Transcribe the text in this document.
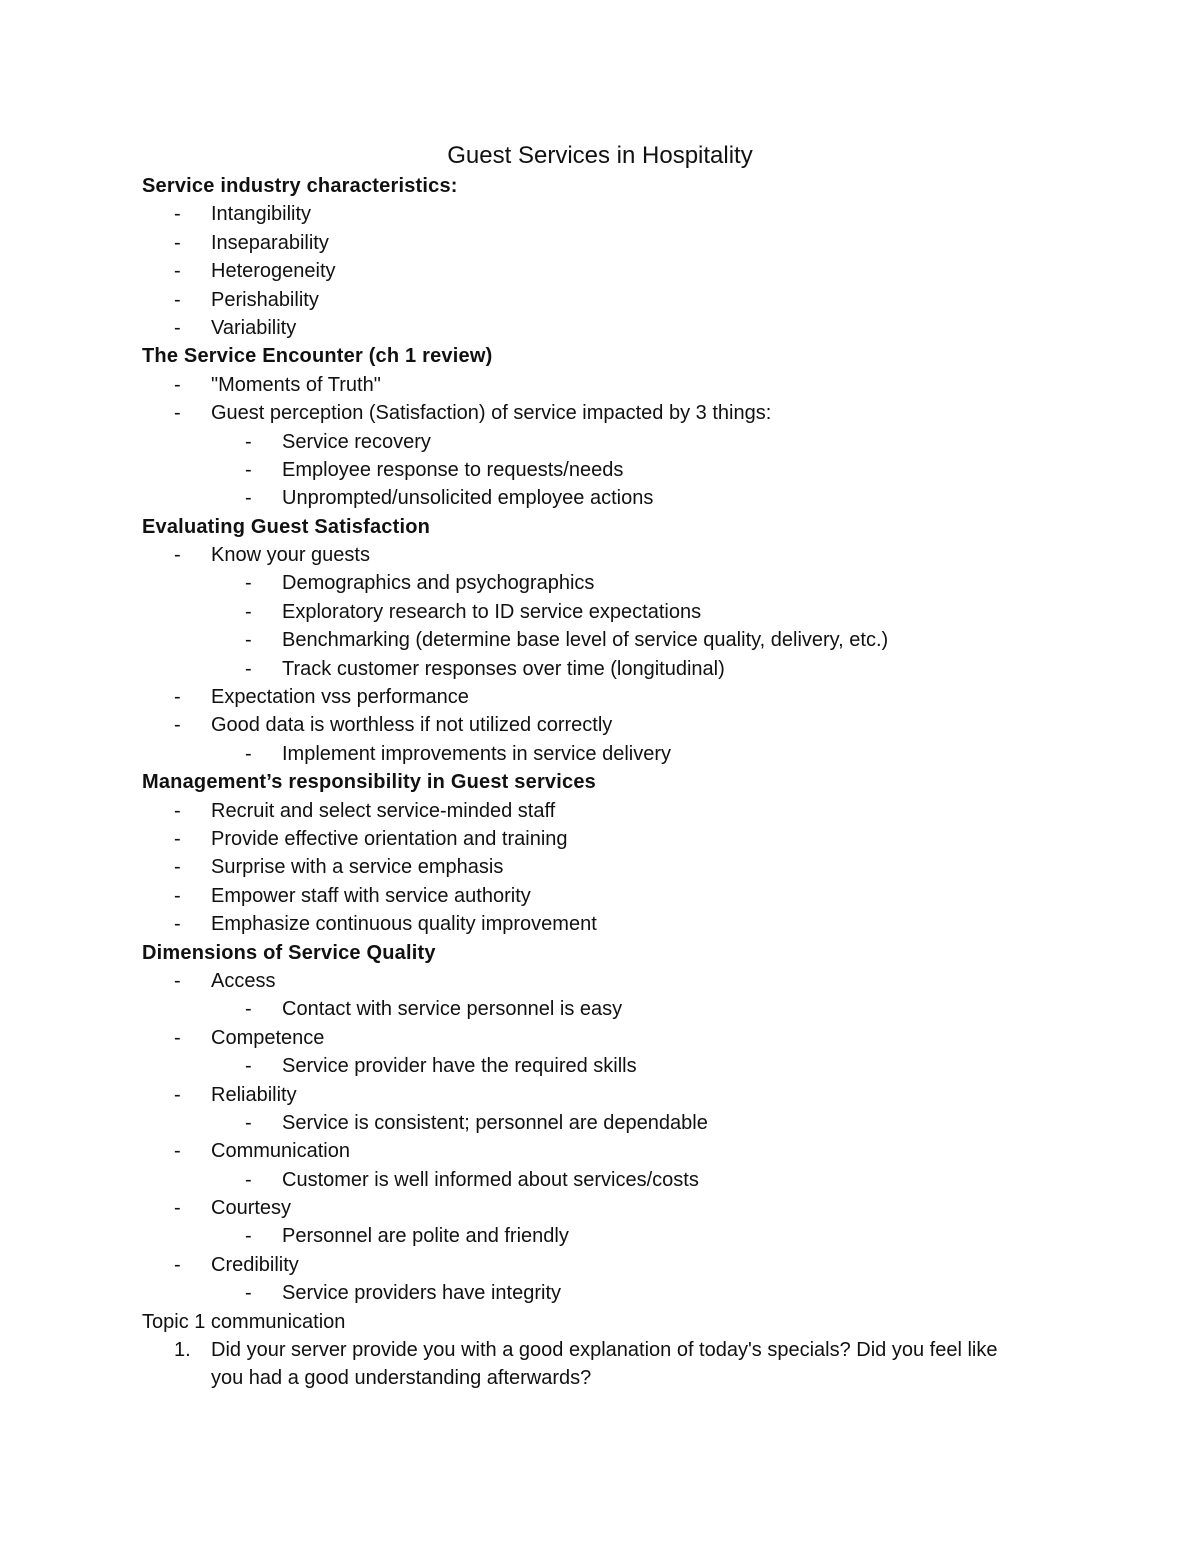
Guest Services in Hospitality
Service industry characteristics:
-	Intangibility
-	Inseparability
-	Heterogeneity
-	Perishability
-	Variability
The Service Encounter (ch 1 review)
-	"Moments of Truth"
-	Guest perception (Satisfaction) of service impacted by 3 things:
-	Service recovery
-	Employee response to requests/needs
-	Unprompted/unsolicited employee actions
Evaluating Guest Satisfaction
-	Know your guests
-	Demographics and psychographics
-	Exploratory research to ID service expectations
-	Benchmarking (determine base level of service quality, delivery, etc.)
-	Track customer responses over time (longitudinal)
-	Expectation vss performance
-	Good data is worthless if not utilized correctly
-	Implement improvements in service delivery
Management’s responsibility in Guest services
-	Recruit and select service-minded staff
-	Provide effective orientation and training
-	Surprise with a service emphasis
-	Empower staff with service authority
-	Emphasize continuous quality improvement
Dimensions of Service Quality
-	Access
-	Contact with service personnel is easy
-	Competence
-	Service provider have the required skills
-	Reliability
-	Service is consistent; personnel are dependable
-	Communication
-	Customer is well informed about services/costs
-	Courtesy
-	Personnel are polite and friendly
-	Credibility
-	Service providers have integrity
Topic 1 communication
1. Did your server provide you with a good explanation of today's specials? Did you feel like you had a good understanding afterwards?
